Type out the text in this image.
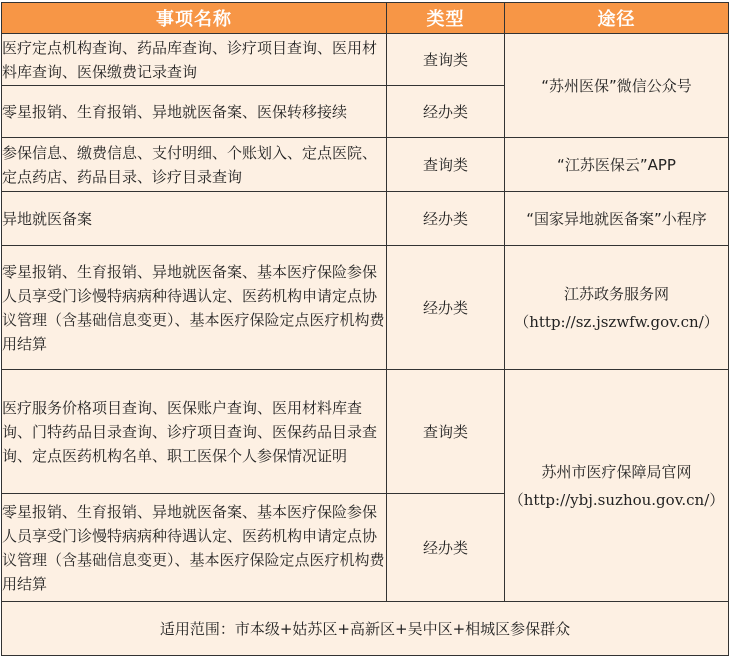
事项名称	类型	途径
医疗定点机构查询、药品库查询、诊疗项目查询、医用材料库查询、医保缴费记录查询	查询类	“苏州医保”微信公众号

零星报销、生育报销、异地就医备案、医保转移接续	经办类	
参保信息、缴费信息、支付明细、个账划入、定点医院、定点药店、药品目录、诊疗目录查询	查询类	“江苏医保云”APP

异地就医备案	经办类	“国家异地就医备案”小程序

零星报销、生育报销、异地就医备案、基本医疗保险参保人员享受门诊慢特病病种待遇认定、医药机构申请定点协议管理（含基础信息变更）、基本医疗保险定点医疗机构费用结算	经办类	江苏政务服务网
（http://sz.jszwfw.gov.cn/）

医疗服务价格项目查询、医保账户查询、医用材料库查询、门特药品目录查询、诊疗项目查询、医保药品目录查询、定点医药机构名单、职工医保个人参保情况证明	查询类	苏州市医疗保障局官网
（http://ybj.suzhou.gov.cn/）

零星报销、生育报销、异地就医备案、基本医疗保险参保人员享受门诊慢特病病种待遇认定、医药机构申请定点协议管理（含基础信息变更）、基本医疗保险定点医疗机构费用结算	经办类	
适用范围：市本级+姑苏区+高新区+吴中区+相城区参保群众		
